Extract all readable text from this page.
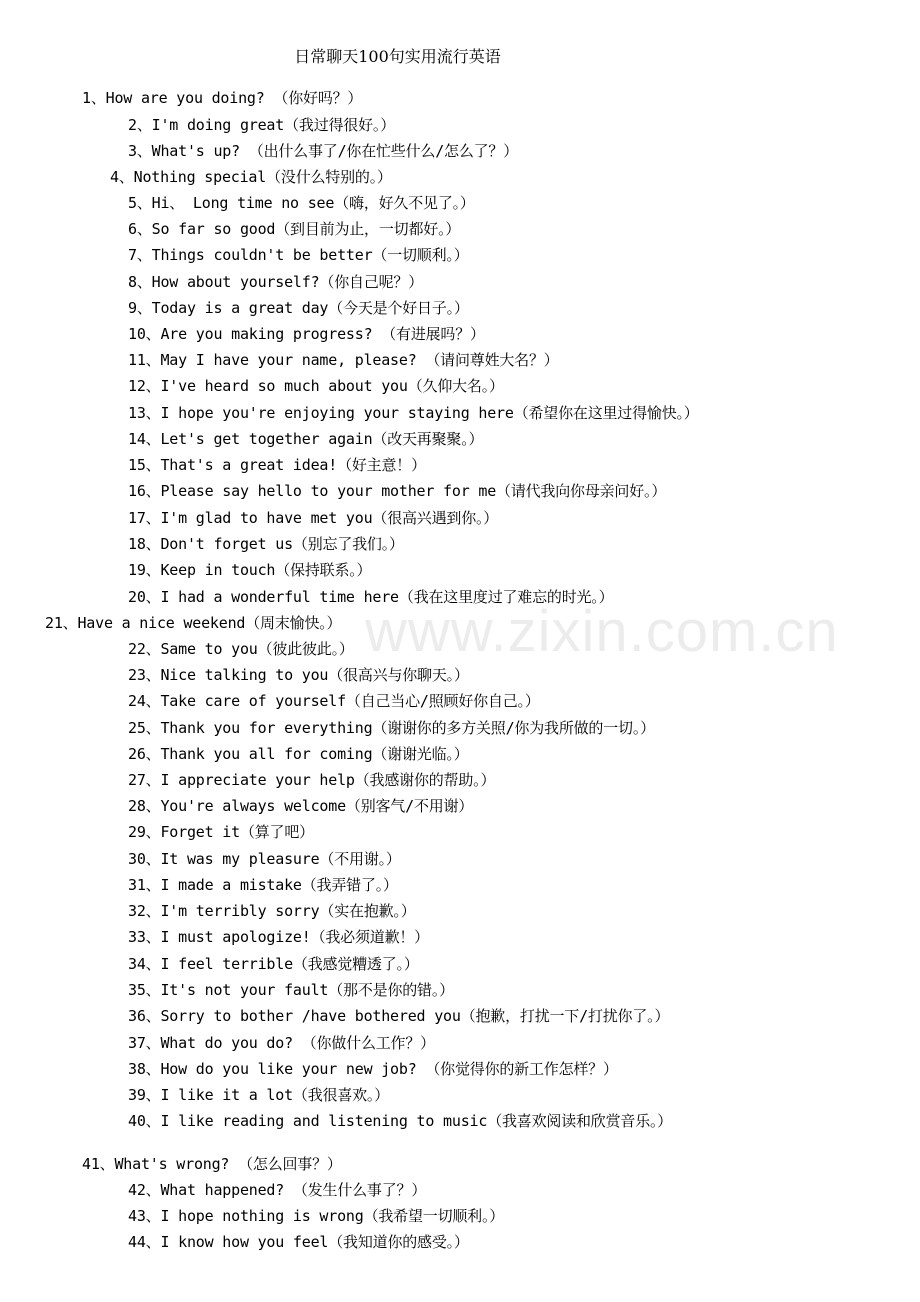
日常聊天100句实用流行英语
www.zixin.com.cn
1、How are you doing? （你好吗？）
2、I'm doing great（我过得很好。）
3、What's up? （出什么事了/你在忙些什么/怎么了？）
4、Nothing special（没什么特别的。）
5、Hi、 Long time no see（嗨，好久不见了。）
6、So far so good（到目前为止，一切都好。）
7、Things couldn't be better（一切顺利。）
8、How about yourself?（你自己呢？）
9、Today is a great day（今天是个好日子。）
10、Are you making progress? （有进展吗？）
11、May I have your name, please? （请问尊姓大名？）
12、I've heard so much about you（久仰大名。）
13、I hope you're enjoying your staying here（希望你在这里过得愉快。）
14、Let's get together again（改天再聚聚。）
15、That's a great idea!（好主意！）
16、Please say hello to your mother for me（请代我向你母亲问好。）
17、I'm glad to have met you（很高兴遇到你。）
18、Don't forget us（别忘了我们。）
19、Keep in touch（保持联系。）
20、I had a wonderful time here（我在这里度过了难忘的时光。）
21、Have a nice weekend（周末愉快。）
22、Same to you（彼此彼此。）
23、Nice talking to you（很高兴与你聊天。）
24、Take care of yourself（自己当心/照顾好你自己。）
25、Thank you for everything（谢谢你的多方关照/你为我所做的一切。）
26、Thank you all for coming（谢谢光临。）
27、I appreciate your help（我感谢你的帮助。）
28、You're always welcome（别客气/不用谢）
29、Forget it（算了吧）
30、It was my pleasure（不用谢。）
31、I made a mistake（我弄错了。）
32、I'm terribly sorry（实在抱歉。）
33、I must apologize!（我必须道歉！）
34、I feel terrible（我感觉糟透了。）
35、It's not your fault（那不是你的错。）
36、Sorry to bother /have bothered you（抱歉，打扰一下/打扰你了。）
37、What do you do? （你做什么工作？）
38、How do you like your new job? （你觉得你的新工作怎样？）
39、I like it a lot（我很喜欢。）
40、I like reading and listening to music（我喜欢阅读和欣赏音乐。）
41、What's wrong? （怎么回事？）
42、What happened? （发生什么事了？）
43、I hope nothing is wrong（我希望一切顺利。）
44、I know how you feel（我知道你的感受。）
